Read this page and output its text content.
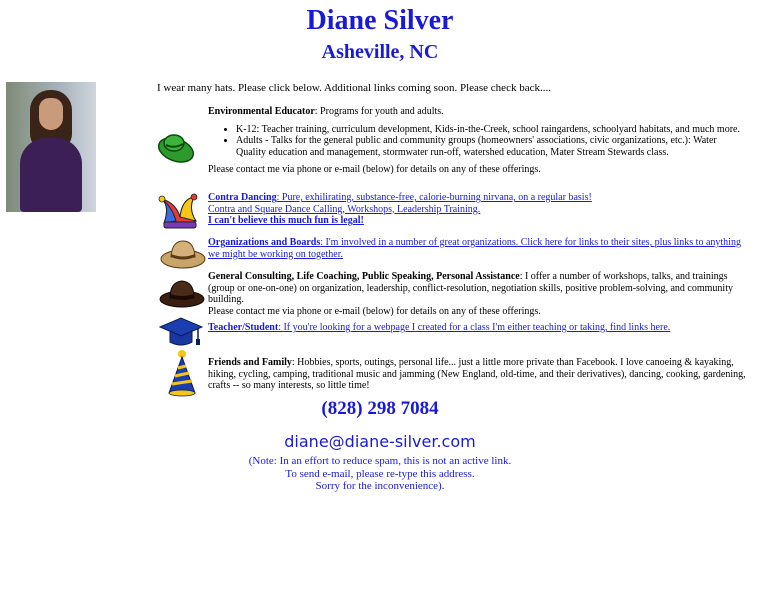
Diane Silver
Asheville, NC
I wear many hats. Please click below. Additional links coming soon. Please check back....
Environmental Educator: Programs for youth and adults.
• K-12: Teacher training, curriculum development, Kids-in-the-Creek, school raingardens, schoolyard habitats, and much more.
• Adults - Talks for the general public and community groups (homeowners' associations, civic organizations, etc.): Water Quality education and management, stormwater run-off, watershed education, Mater Stream Stewards class.
Please contact me via phone or e-mail (below) for details on any of these offerings.
Contra Dancing: Pure, exhilirating, substance-free, calorie-burning nirvana, on a regular basis!
Contra and Square Dance Calling, Workshops, Leadership Training.
I can't believe this much fun is legal!
Organizations and Boards: I'm involved in a number of great organizations. Click here for links to their sites, plus links to anything we might be working on together.
General Consulting, Life Coaching, Public Speaking, Personal Assistance: I offer a number of workshops, talks, and trainings (group or one-on-one) on organization, leadership, conflict-resolution, negotiation skills, positive problem-solving, and community building.
Please contact me via phone or e-mail (below) for details on any of these offerings.
Teacher/Student: If you're looking for a webpage I created for a class I'm either teaching or taking, find links here.
Friends and Family: Hobbies, sports, outings, personal life... just a little more private than Facebook. I love canoeing & kayaking, hiking, cycling, camping, traditional music and jamming (New England, old-time, and their derivatives), dancing, cooking, gardening, crafts -- so many interests, so little time!
(828) 298 7084
diane@diane-silver.com
(Note: In an effort to reduce spam, this is not an active link.
To send e-mail, please re-type this address.
Sorry for the inconvenience).
